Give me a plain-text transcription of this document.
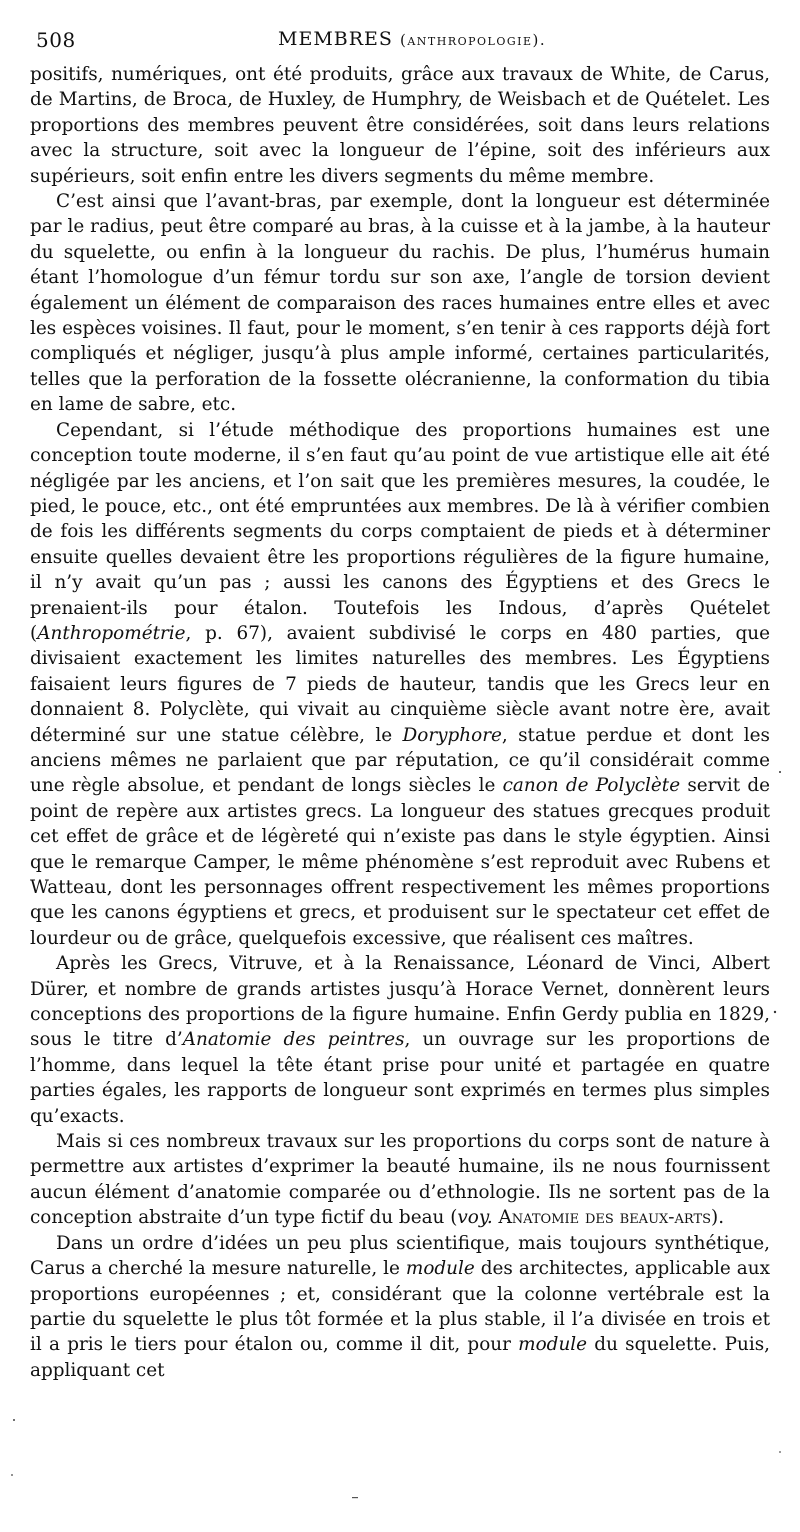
508	MEMBRES (anthropologie).

positifs, numériques, ont été produits, grâce aux travaux de White, de Carus, de Martins, de Broca, de Huxley, de Humphry, de Weisbach et de Quételet. Les proportions des membres peuvent être considérées, soit dans leurs relations avec la structure, soit avec la longueur de l’épine, soit des inférieurs aux supérieurs, soit enfin entre les divers segments du même membre.

C’est ainsi que l’avant-bras, par exemple, dont la longueur est déterminée par le radius, peut être comparé au bras, à la cuisse et à la jambe, à la hauteur du squelette, ou enfin à la longueur du rachis. De plus, l’humérus humain étant l’homologue d’un fémur tordu sur son axe, l’angle de torsion devient également un élément de comparaison des races humaines entre elles et avec les espèces voisines. Il faut, pour le moment, s’en tenir à ces rapports déjà fort compliqués et négliger, jusqu’à plus ample informé, certaines particularités, telles que la perforation de la fossette olécranienne, la conformation du tibia en lame de sabre, etc.

Cependant, si l’étude méthodique des proportions humaines est une conception toute moderne, il s’en faut qu’au point de vue artistique elle ait été négligée par les anciens, et l’on sait que les premières mesures, la coudée, le pied, le pouce, etc., ont été empruntées aux membres. De là à vérifier combien de fois les différents segments du corps comptaient de pieds et à déterminer ensuite quelles devaient être les proportions régulières de la figure humaine, il n’y avait qu’un pas ; aussi les canons des Égyptiens et des Grecs le prenaient-ils pour étalon. Toutefois les Indous, d’après Quételet (Anthropométrie, p. 67), avaient subdivisé le corps en 480 parties, que divisaient exactement les limites naturelles des membres. Les Égyptiens faisaient leurs figures de 7 pieds de hauteur, tandis que les Grecs leur en donnaient 8. Polyclète, qui vivait au cinquième siècle avant notre ère, avait déterminé sur une statue célèbre, le Doryphore, statue perdue et dont les anciens mêmes ne parlaient que par réputation, ce qu’il considérait comme une règle absolue, et pendant de longs siècles le canon de Polyclète servit de point de repère aux artistes grecs. La longueur des statues grecques produit cet effet de grâce et de légèreté qui n’existe pas dans le style égyptien. Ainsi que le remarque Camper, le même phénomène s’est reproduit avec Rubens et Watteau, dont les personnages offrent respectivement les mêmes proportions que les canons égyptiens et grecs, et produisent sur le spectateur cet effet de lourdeur ou de grâce, quelquefois excessive, que réalisent ces maîtres.

Après les Grecs, Vitruve, et à la Renaissance, Léonard de Vinci, Albert Dürer, et nombre de grands artistes jusqu’à Horace Vernet, donnèrent leurs conceptions des proportions de la figure humaine. Enfin Gerdy publia en 1829, sous le titre d’Anatomie des peintres, un ouvrage sur les proportions de l’homme, dans lequel la tête étant prise pour unité et partagée en quatre parties égales, les rapports de longueur sont exprimés en termes plus simples qu’exacts.

Mais si ces nombreux travaux sur les proportions du corps sont de nature à permettre aux artistes d’exprimer la beauté humaine, ils ne nous fournissent aucun élément d’anatomie comparée ou d’ethnologie. Ils ne sortent pas de la conception abstraite d’un type fictif du beau (voy. Anatomie des beaux-arts).

Dans un ordre d’idées un peu plus scientifique, mais toujours synthétique, Carus a cherché la mesure naturelle, le module des architectes, applicable aux proportions européennes ; et, considérant que la colonne vertébrale est la partie du squelette le plus tôt formée et la plus stable, il l’a divisée en trois et il a pris le tiers pour étalon ou, comme il dit, pour module du squelette. Puis, appliquant cet
